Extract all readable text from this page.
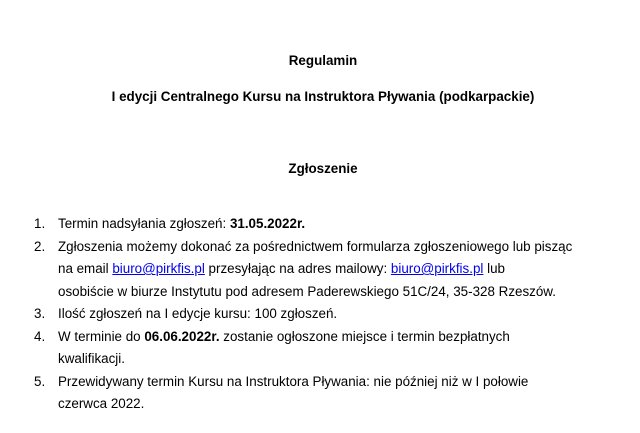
Regulamin
I edycji Centralnego Kursu na Instruktora Pływania (podkarpackie)
Zgłoszenie
1. Termin nadsyłania zgłoszeń: 31.05.2022r.
2. Zgłoszenia możemy dokonać za pośrednictwem formularza zgłoszeniowego lub pisząc
na email biuro@pirkfis.pl przesyłając na adres mailowy: biuro@pirkfis.pl lub
osobiście w biurze Instytutu pod adresem Paderewskiego 51C/24, 35-328 Rzeszów.
3. Ilość zgłoszeń na I edycje kursu: 100 zgłoszeń.
4. W terminie do 06.06.2022r. zostanie ogłoszone miejsce i termin bezpłatnych
kwalifikacji.
5. Przewidywany termin Kursu na Instruktora Pływania: nie później niż w I połowie
czerwca 2022.
